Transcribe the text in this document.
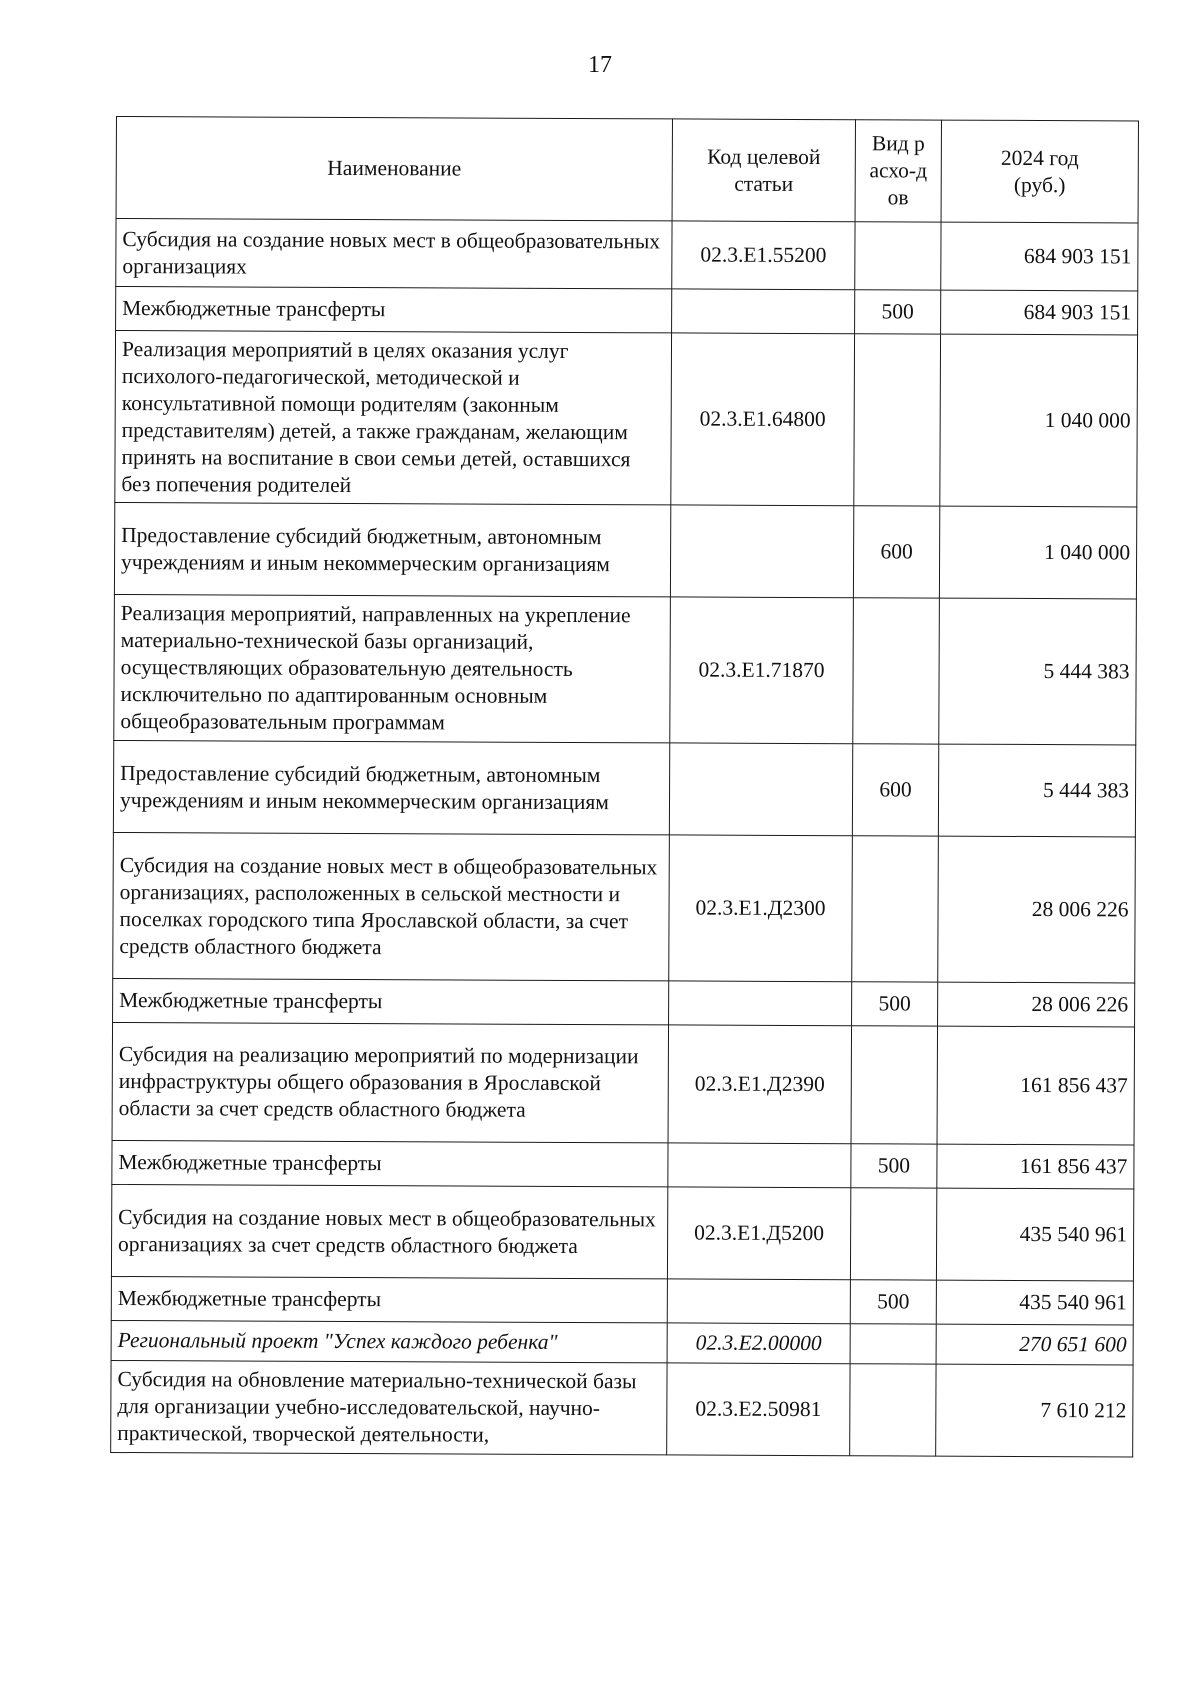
17
Наименование	Код целевой статьи	Вид расхо-дов	2024 год (руб.)
Субсидия на создание новых мест в общеобразовательных организациях	02.3.Е1.55200		684 903 151
Межбюджетные трансферты		500	684 903 151
Реализация мероприятий в целях оказания услуг психолого-педагогической, методической и консультативной помощи родителям (законным представителям) детей, а также гражданам, желающим принять на воспитание в свои семьи детей, оставшихся без попечения родителей	02.3.Е1.64800		1 040 000
Предоставление субсидий бюджетным, автономным учреждениям и иным некоммерческим организациям		600	1 040 000
Реализация мероприятий, направленных на укрепление материально-технической базы организаций, осуществляющих образовательную деятельность исключительно по адаптированным основным общеобразовательным программам	02.3.Е1.71870		5 444 383
Предоставление субсидий бюджетным, автономным учреждениям и иным некоммерческим организациям		600	5 444 383
Субсидия на создание новых мест в общеобразовательных организациях, расположенных в сельской местности и поселках городского типа Ярославской области, за счет средств областного бюджета	02.3.Е1.Д2300		28 006 226
Межбюджетные трансферты		500	28 006 226
Субсидия на реализацию мероприятий по модернизации инфраструктуры общего образования в Ярославской области за счет средств областного бюджета	02.3.Е1.Д2390		161 856 437
Межбюджетные трансферты		500	161 856 437
Субсидия на создание новых мест в общеобразовательных организациях за счет средств областного бюджета	02.3.Е1.Д5200		435 540 961
Межбюджетные трансферты		500	435 540 961
Региональный проект "Успех каждого ребенка"	02.3.Е2.00000		270 651 600
Субсидия на обновление материально-технической базы для организации учебно-исследовательской, научно-практической, творческой деятельности,	02.3.Е2.50981		7 610 212
